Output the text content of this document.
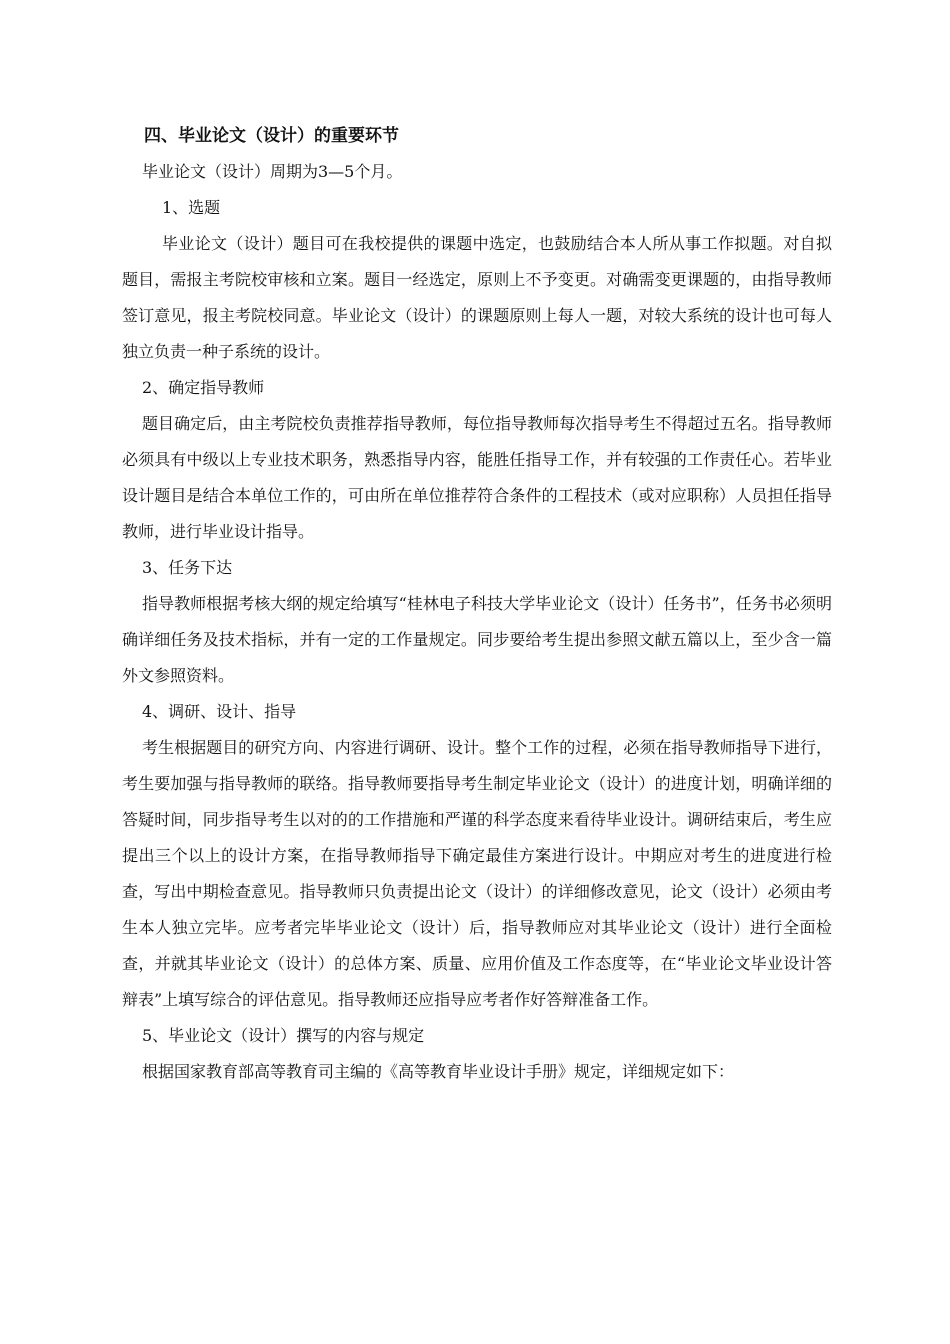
四、毕业论文（设计）的重要环节

毕业论文（设计）周期为3—5个月。

1、选题

毕业论文（设计）题目可在我校提供的课题中选定，也鼓励结合本人所从事工作拟题。对自拟题目，需报主考院校审核和立案。题目一经选定，原则上不予变更。对确需变更课题的，由指导教师签订意见，报主考院校同意。毕业论文（设计）的课题原则上每人一题，对较大系统的设计也可每人独立负责一种子系统的设计。

2、确定指导教师

题目确定后，由主考院校负责推荐指导教师，每位指导教师每次指导考生不得超过五名。指导教师必须具有中级以上专业技术职务，熟悉指导内容，能胜任指导工作，并有较强的工作责任心。若毕业设计题目是结合本单位工作的，可由所在单位推荐符合条件的工程技术（或对应职称）人员担任指导教师，进行毕业设计指导。

3、任务下达

指导教师根据考核大纲的规定给填写“桂林电子科技大学毕业论文（设计）任务书”，任务书必须明确详细任务及技术指标，并有一定的工作量规定。同步要给考生提出参照文献五篇以上，至少含一篇外文参照资料。

4、调研、设计、指导

考生根据题目的研究方向、内容进行调研、设计。整个工作的过程，必须在指导教师指导下进行，考生要加强与指导教师的联络。指导教师要指导考生制定毕业论文（设计）的进度计划，明确详细的答疑时间，同步指导考生以对的的工作措施和严谨的科学态度来看待毕业设计。调研结束后，考生应提出三个以上的设计方案，在指导教师指导下确定最佳方案进行设计。中期应对考生的进度进行检查，写出中期检查意见。指导教师只负责提出论文（设计）的详细修改意见，论文（设计）必须由考生本人独立完毕。应考者完毕毕业论文（设计）后，指导教师应对其毕业论文（设计）进行全面检查，并就其毕业论文（设计）的总体方案、质量、应用价值及工作态度等，在“毕业论文毕业设计答辩表”上填写综合的评估意见。指导教师还应指导应考者作好答辩准备工作。

5、毕业论文（设计）撰写的内容与规定

根据国家教育部高等教育司主编的《高等教育毕业设计手册》规定，详细规定如下：
